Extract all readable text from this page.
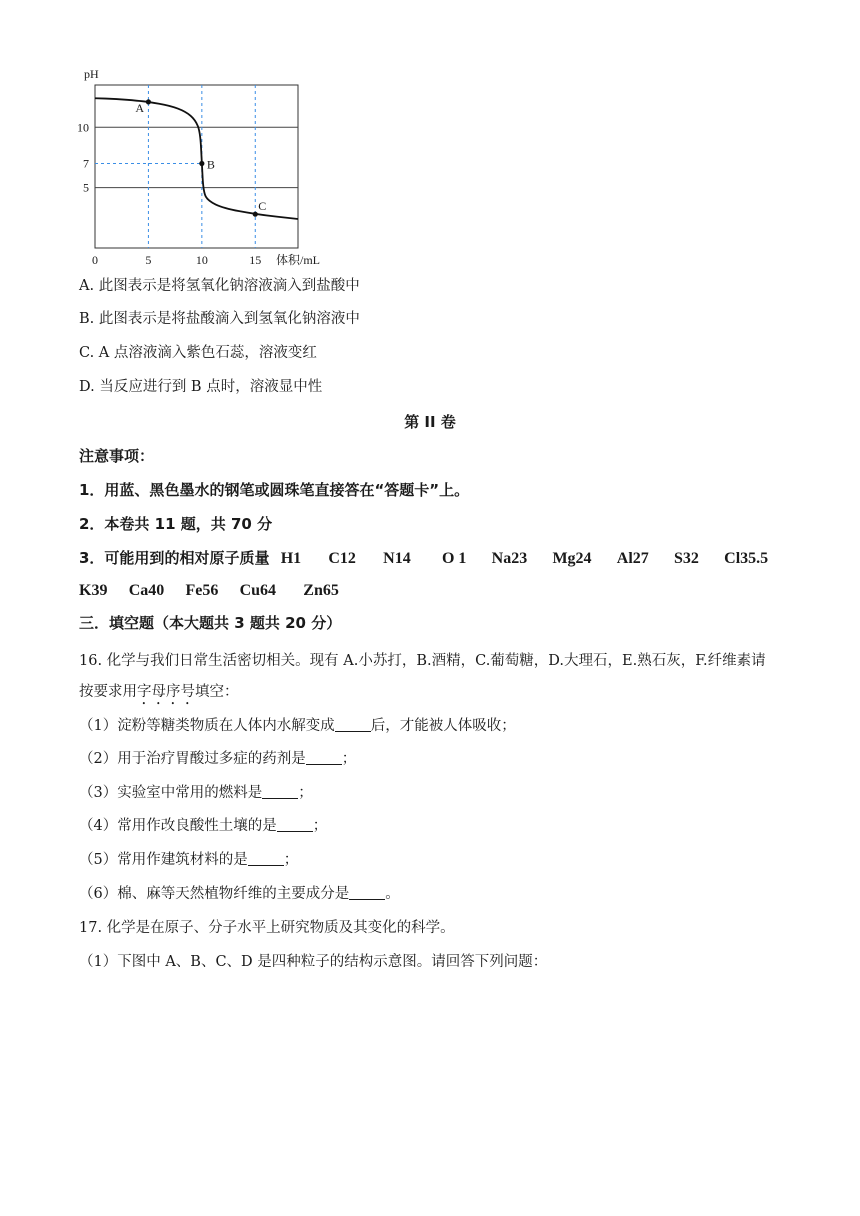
A
B
C
10
7
5
0	5	10	15
pH
体积/mL
A. 此图表示是将氢氧化钠溶液滴入到盐酸中
B. 此图表示是将盐酸滴入到氢氧化钠溶液中
C. A 点溶液滴入紫色石蕊，溶液变红
D. 当反应进行到 B 点时，溶液显中性
第 II 卷
注意事项：
1．用蓝、黑色墨水的钢笔或圆珠笔直接答在“答题卡”上。
2．本卷共 11 题，共 70 分
3．可能用到的相对原子质量 H1 C12 N14 O 1 Na23 Mg24 Al27 S32 Cl35.5
K39 Ca40 Fe56 Cu64 Zn65
三．填空题（本大题共 3 题共 20 分）
16. 化学与我们日常生活密切相关。现有 A.小苏打，B.酒精，C.葡萄糖，D.大理石，E.熟石灰，F.纤维素请
按要求用字母序号填空：
（1）淀粉等糖类物质在人体内水解变成 后，才能被人体吸收；
（2）用于治疗胃酸过多症的药剂是 ；
（3）实验室中常用的燃料是 ；
（4）常用作改良酸性土壤的是 ；
（5）常用作建筑材料的是 ；
（6）棉、麻等天然植物纤维的主要成分是 。
17. 化学是在原子、分子水平上研究物质及其变化的科学。
（1）下图中 A、B、C、D 是四种粒子的结构示意图。请回答下列问题：
